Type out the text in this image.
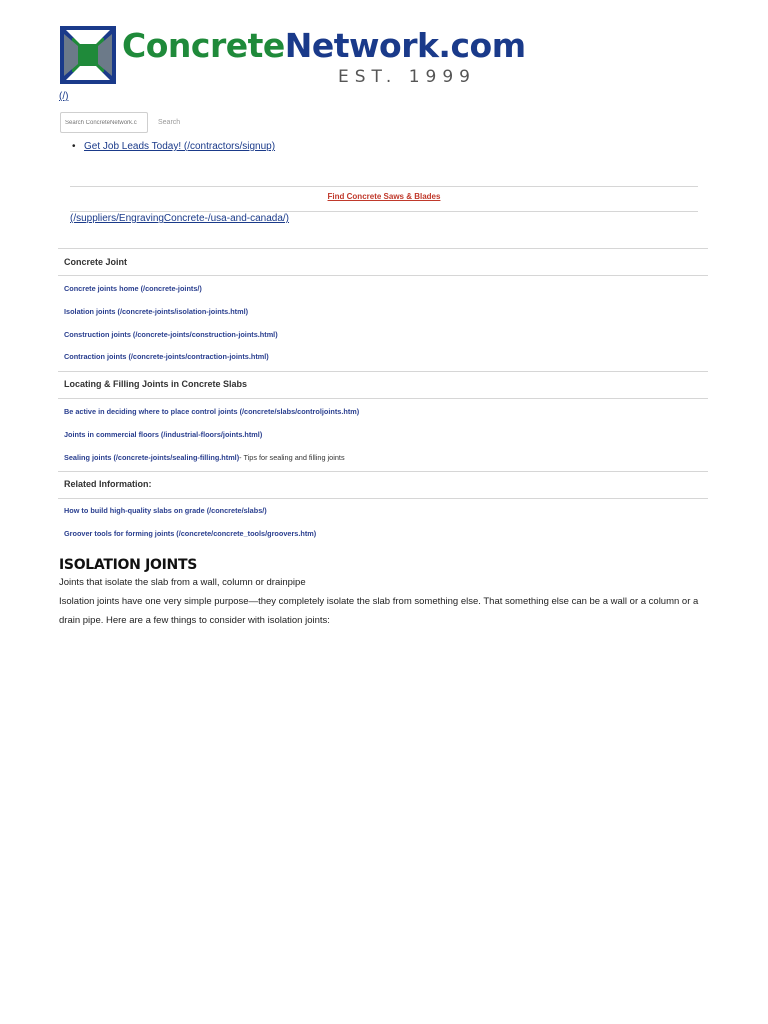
ConcreteNetwork.com
EST. 1999
(/)
Search ConcreteNetwork.c
Search
• Get Job Leads Today! (/contractors/signup)
Find Concrete Saws & Blades
(/suppliers/EngravingConcrete-/usa-and-canada/)
Concrete Joint
Concrete joints home (/concrete-joints/)
Isolation joints (/concrete-joints/isolation-joints.html)
Construction joints (/concrete-joints/construction-joints.html)
Contraction joints (/concrete-joints/contraction-joints.html)
Locating & Filling Joints in Concrete Slabs
Be active in deciding where to place control joints (/concrete/slabs/controljoints.htm)
Joints in commercial floors (/industrial-floors/joints.html)
Sealing joints (/concrete-joints/sealing-filling.html)- Tips for sealing and filling joints
Related Information:
How to build high-quality slabs on grade (/concrete/slabs/)
Groover tools for forming joints (/concrete/concrete_tools/groovers.htm)
ISOLATION JOINTS

Joints that isolate the slab from a wall, column or drainpipe

Isolation joints have one very simple purpose—they completely isolate the slab from something else. That something else can be a wall or a column or a drain pipe. Here are a few things to consider with isolation joints:
